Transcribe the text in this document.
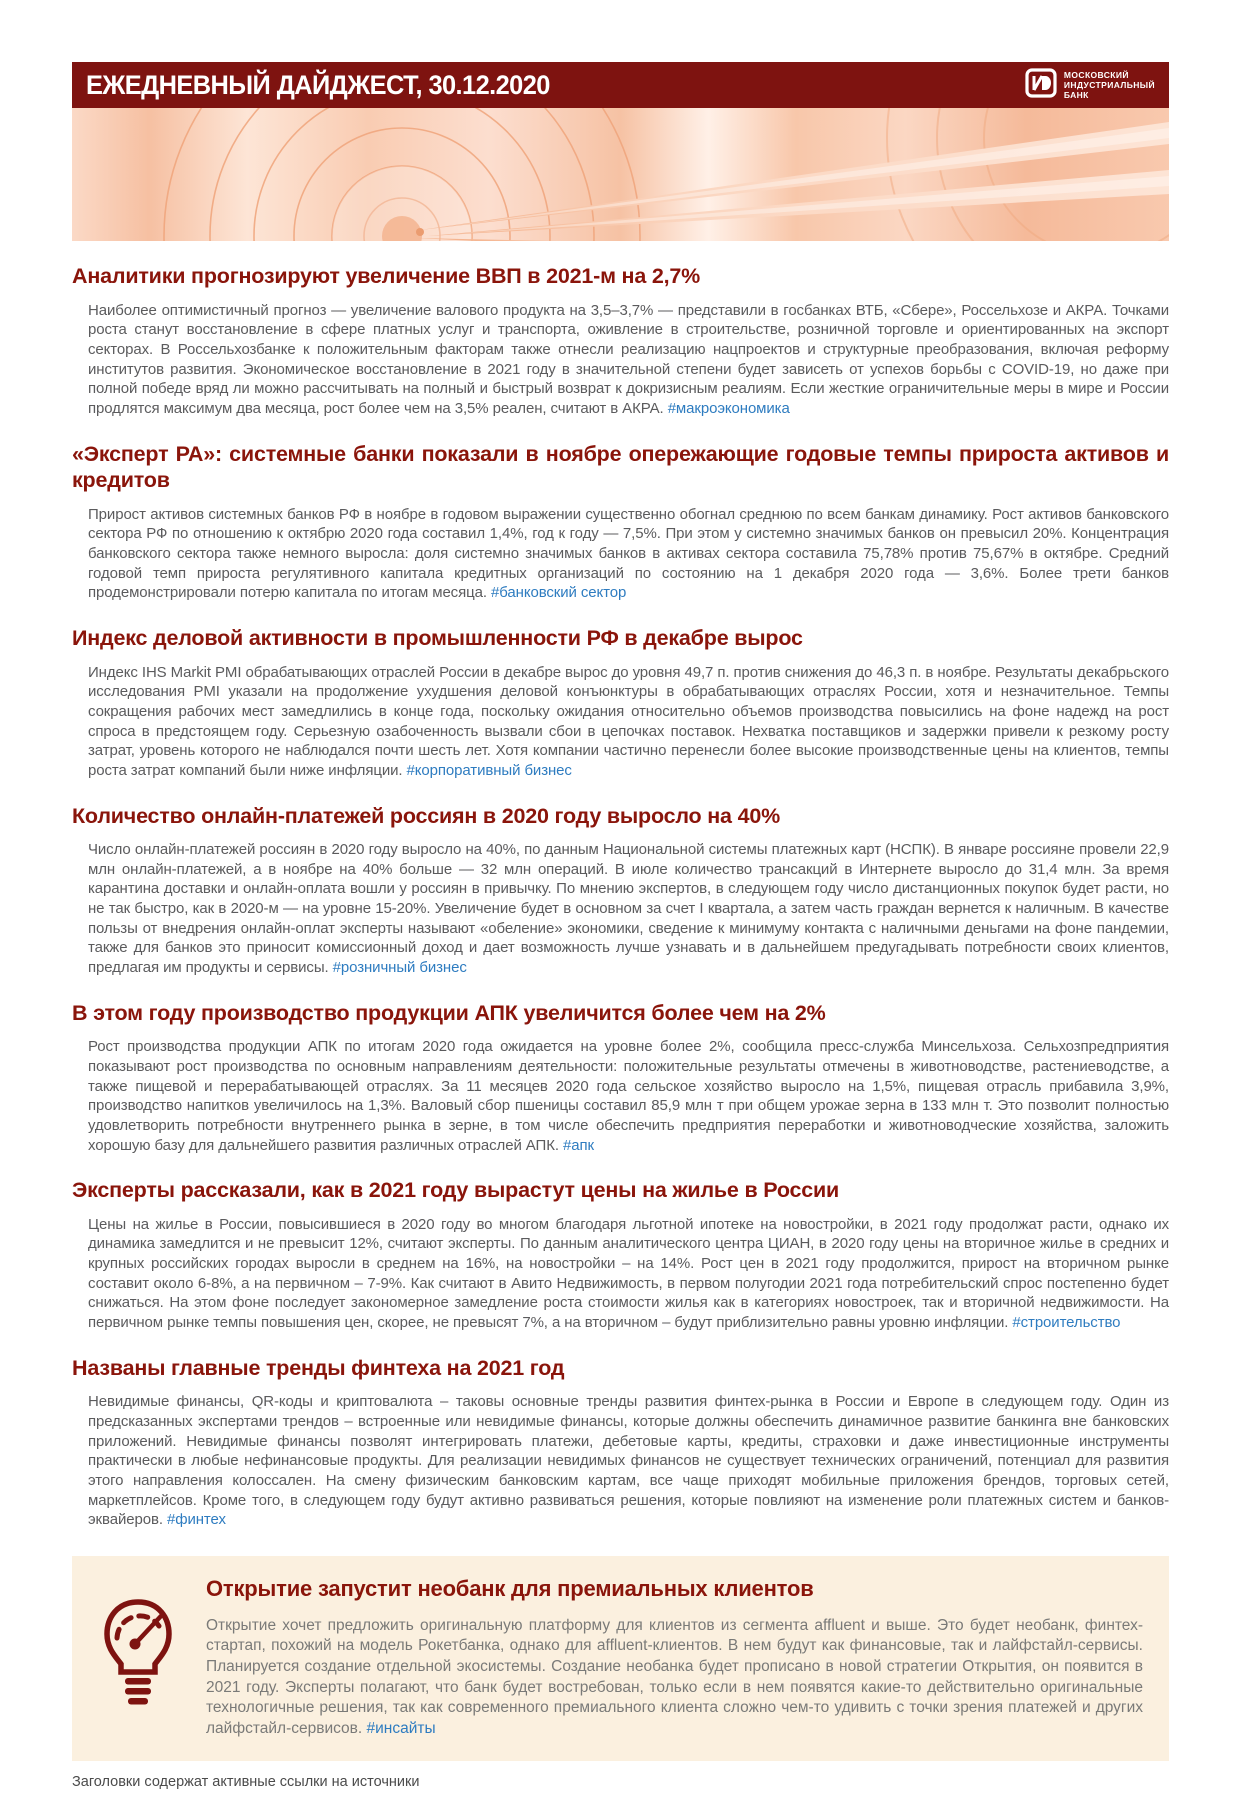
ЕЖЕДНЕВНЫЙ ДАЙДЖЕСТ, 30.12.2020	МОСКОВСКИЙ
ИНДУСТРИАЛЬНЫЙ
БАНК
Аналитики прогнозируют увеличение ВВП в 2021-м на 2,7%

Наиболее оптимистичный прогноз — увеличение валового продукта на 3,5–3,7% — представили в госбанках ВТБ, «Сбере», Россельхозе и АКРА. Точками роста станут восстановление в сфере платных услуг и транспорта, оживление в строительстве, розничной торговле и ориентированных на экспорт секторах. В Россельхозбанке к положительным факторам также отнесли реализацию нацпроектов и структурные преобразования, включая реформу институтов развития. Экономическое восстановление в 2021 году в значительной степени будет зависеть от успехов борьбы с COVID-19, но даже при полной победе вряд ли можно рассчитывать на полный и быстрый возврат к докризисным реалиям. Если жесткие ограничительные меры в мире и России продлятся максимум два месяца, рост более чем на 3,5% реален, считают в АКРА. #макроэкономика

«Эксперт РА»: системные банки показали в ноябре опережающие годовые темпы прироста активов и кредитов

Прирост активов системных банков РФ в ноябре в годовом выражении существенно обогнал среднюю по всем банкам динамику. Рост активов банковского сектора РФ по отношению к октябрю 2020 года составил 1,4%, год к году — 7,5%. При этом у системно значимых банков он превысил 20%. Концентрация банковского сектора также немного выросла: доля системно значимых банков в активах сектора составила 75,78% против 75,67% в октябре. Средний годовой темп прироста регулятивного капитала кредитных организаций по состоянию на 1 декабря 2020 года — 3,6%. Более трети банков продемонстрировали потерю капитала по итогам месяца. #банковский сектор

Индекс деловой активности в промышленности РФ в декабре вырос

Индекс IHS Markit PMI обрабатывающих отраслей России в декабре вырос до уровня 49,7 п. против снижения до 46,3 п. в ноябре. Результаты декабрьского исследования PMI указали на продолжение ухудшения деловой конъюнктуры в обрабатывающих отраслях России, хотя и незначительное. Темпы сокращения рабочих мест замедлились в конце года, поскольку ожидания относительно объемов производства повысились на фоне надежд на рост спроса в предстоящем году. Серьезную озабоченность вызвали сбои в цепочках поставок. Нехватка поставщиков и задержки привели к резкому росту затрат, уровень которого не наблюдался почти шесть лет. Хотя компании частично перенесли более высокие производственные цены на клиентов, темпы роста затрат компаний были ниже инфляции. #корпоративный бизнес

Количество онлайн-платежей россиян в 2020 году выросло на 40%

Число онлайн-платежей россиян в 2020 году выросло на 40%, по данным Национальной системы платежных карт (НСПК). В январе россияне провели 22,9 млн онлайн-платежей, а в ноябре на 40% больше — 32 млн операций. В июле количество трансакций в Интернете выросло до 31,4 млн. За время карантина доставки и онлайн-оплата вошли у россиян в привычку. По мнению экспертов, в следующем году число дистанционных покупок будет расти, но не так быстро, как в 2020-м — на уровне 15-20%. Увеличение будет в основном за счет I квартала, а затем часть граждан вернется к наличным. В качестве пользы от внедрения онлайн-оплат эксперты называют «обеление» экономики, сведение к минимуму контакта с наличными деньгами на фоне пандемии, также для банков это приносит комиссионный доход и дает возможность лучше узнавать и в дальнейшем предугадывать потребности своих клиентов, предлагая им продукты и сервисы. #розничный бизнес

В этом году производство продукции АПК увеличится более чем на 2%

Рост производства продукции АПК по итогам 2020 года ожидается на уровне более 2%, сообщила пресс-служба Минсельхоза. Сельхозпредприятия показывают рост производства по основным направлениям деятельности: положительные результаты отмечены в животноводстве, растениеводстве, а также пищевой и перерабатывающей отраслях. За 11 месяцев 2020 года сельское хозяйство выросло на 1,5%, пищевая отрасль прибавила 3,9%, производство напитков увеличилось на 1,3%. Валовый сбор пшеницы составил 85,9 млн т при общем урожае зерна в 133 млн т. Это позволит полностью удовлетворить потребности внутреннего рынка в зерне, в том числе обеспечить предприятия переработки и животноводческие хозяйства, заложить хорошую базу для дальнейшего развития различных отраслей АПК. #апк

Эксперты рассказали, как в 2021 году вырастут цены на жилье в России

Цены на жилье в России, повысившиеся в 2020 году во многом благодаря льготной ипотеке на новостройки, в 2021 году продолжат расти, однако их динамика замедлится и не превысит 12%, считают эксперты. По данным аналитического центра ЦИАН, в 2020 году цены на вторичное жилье в средних и крупных российских городах выросли в среднем на 16%, на новостройки – на 14%. Рост цен в 2021 году продолжится, прирост на вторичном рынке составит около 6-8%, а на первичном – 7-9%. Как считают в Авито Недвижимость, в первом полугодии 2021 года потребительский спрос постепенно будет снижаться. На этом фоне последует закономерное замедление роста стоимости жилья как в категориях новостроек, так и вторичной недвижимости. На первичном рынке темпы повышения цен, скорее, не превысят 7%, а на вторичном – будут приблизительно равны уровню инфляции. #строительство

Названы главные тренды финтеха на 2021 год

Невидимые финансы, QR-коды и криптовалюта – таковы основные тренды развития финтех-рынка в России и Европе в следующем году. Один из предсказанных экспертами трендов – встроенные или невидимые финансы, которые должны обеспечить динамичное развитие банкинга вне банковских приложений. Невидимые финансы позволят интегрировать платежи, дебетовые карты, кредиты, страховки и даже инвестиционные инструменты практически в любые нефинансовые продукты. Для реализации невидимых финансов не существует технических ограничений, потенциал для развития этого направления колоссален. На смену физическим банковским картам, все чаще приходят мобильные приложения брендов, торговых сетей, маркетплейсов. Кроме того, в следующем году будут активно развиваться решения, которые повлияют на изменение роли платежных систем и банков-эквайеров. #финтех

Открытие запустит необанк для премиальных клиентов

Открытие хочет предложить оригинальную платформу для клиентов из сегмента affluent и выше. Это будет необанк, финтех-стартап, похожий на модель Рокетбанка, однако для affluent-клиентов. В нем будут как финансовые, так и лайфстайл-сервисы. Планируется создание отдельной экосистемы. Создание необанка будет прописано в новой стратегии Открытия, он появится в 2021 году. Эксперты полагают, что банк будет востребован, только если в нем появятся какие-то действительно оригинальные технологичные решения, так как современного премиального клиента сложно чем-то удивить с точки зрения платежей и других лайфстайл-сервисов. #инсайты

Заголовки содержат активные ссылки на источники
